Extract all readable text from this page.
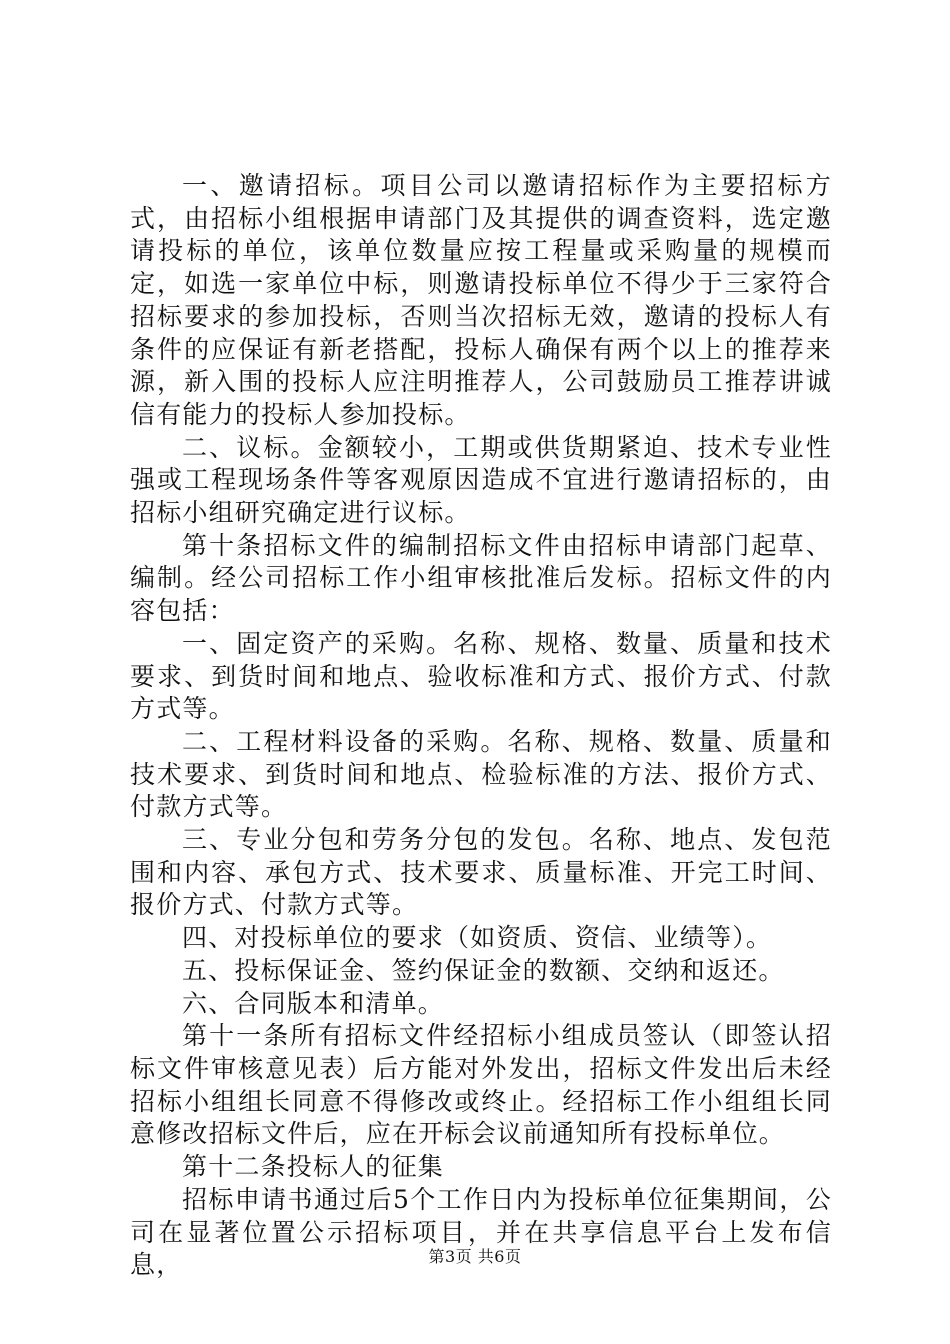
一、邀请招标。项目公司以邀请招标作为主要招标方式，由招标小组根据申请部门及其提供的调查资料，选定邀请投标的单位，该单位数量应按工程量或采购量的规模而定，如选一家单位中标，则邀请投标单位不得少于三家符合招标要求的参加投标，否则当次招标无效，邀请的投标人有条件的应保证有新老搭配，投标人确保有两个以上的推荐来源，新入围的投标人应注明推荐人，公司鼓励员工推荐讲诚信有能力的投标人参加投标。

二、议标。金额较小，工期或供货期紧迫、技术专业性强或工程现场条件等客观原因造成不宜进行邀请招标的，由招标小组研究确定进行议标。

第十条招标文件的编制招标文件由招标申请部门起草、编制。经公司招标工作小组审核批准后发标。招标文件的内容包括：

一、固定资产的采购。名称、规格、数量、质量和技术要求、到货时间和地点、验收标准和方式、报价方式、付款方式等。

二、工程材料设备的采购。名称、规格、数量、质量和技术要求、到货时间和地点、检验标准的方法、报价方式、付款方式等。

三、专业分包和劳务分包的发包。名称、地点、发包范围和内容、承包方式、技术要求、质量标准、开完工时间、报价方式、付款方式等。

四、对投标单位的要求（如资质、资信、业绩等）。

五、投标保证金、签约保证金的数额、交纳和返还。

六、合同版本和清单。

第十一条所有招标文件经招标小组成员签认（即签认招标文件审核意见表）后方能对外发出，招标文件发出后未经招标小组组长同意不得修改或终止。经招标工作小组组长同意修改招标文件后，应在开标会议前通知所有投标单位。

第十二条投标人的征集

招标申请书通过后5个工作日内为投标单位征集期间，公司在显著位置公示招标项目，并在共享信息平台上发布信息，	第3页 共6页
